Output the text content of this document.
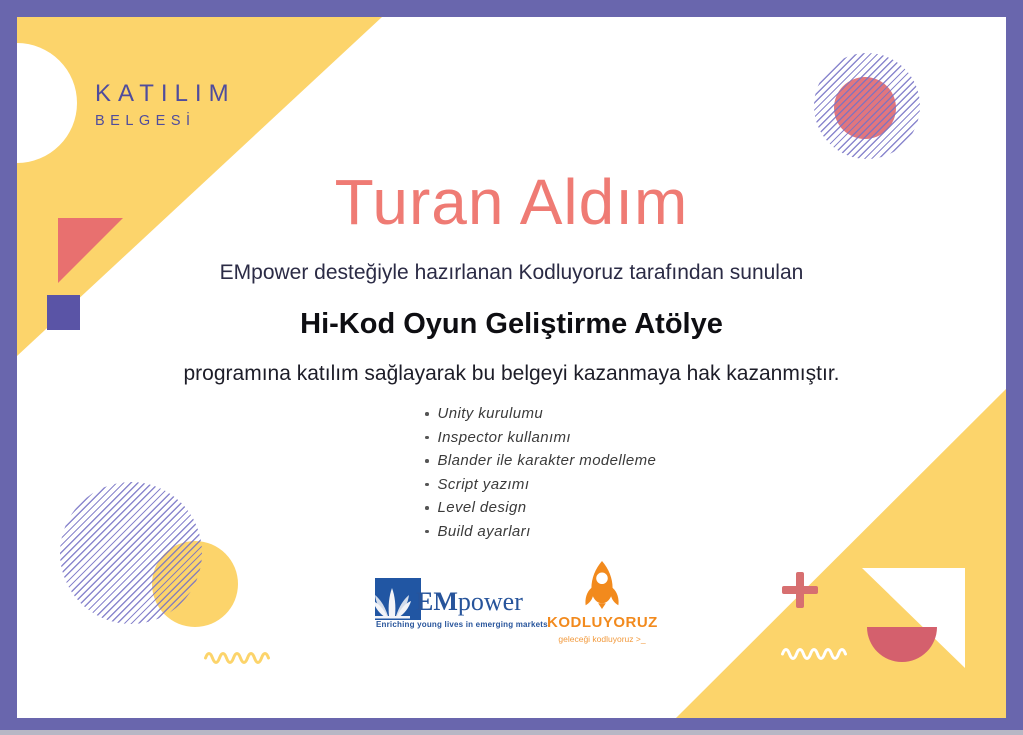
KATILIM
BELGESİ
Turan Aldım
EMpower desteğiyle hazırlanan Kodluyoruz tarafından sunulan
Hi-Kod Oyun Geliştirme Atölye
programına katılım sağlayarak bu belgeyi kazanmaya hak kazanmıştır.
Unity kurulumu
Inspector kullanımı
Blander ile karakter modelleme
Script yazımı
Level design
Build ayarları
EMpower
Enriching young lives in emerging markets KODLUYORUZ
geleceği kodluyoruz >_
